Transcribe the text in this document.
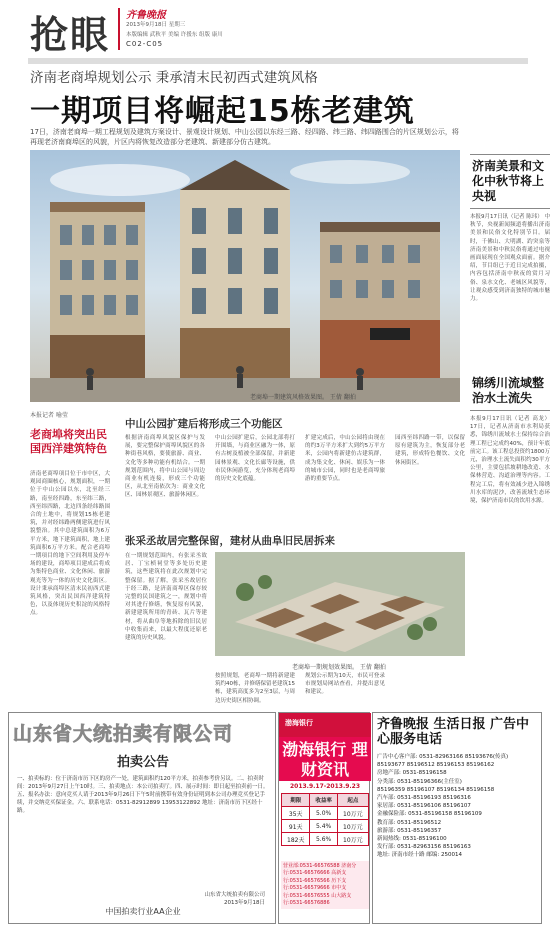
抢眼 齐鲁晚报
2013年9月18日 星期三
本版编辑 武秋平 美编 许援东 组版 康川
C02-C05
济南老商埠规划公示 秉承清末民初西式建筑风格
一期项目将崛起15栋老建筑
17日，济南老商埠一期工程规划及建筑方案设计、景观设计规划、中山公园以东经三路、经四路、纬三路、纬四路围合的片区规划公示，将再现老济南商埠区的风貌，片区内将恢复改造部分老建筑、新建部分仿古建筑。
老商埠一期建筑风格效果图。 王倩 翻拍
济南美景和文化中秋节将上央视
本报9月17日讯（记者 陈玮） 中秋节，央视新闻频道将播出济南美景和民俗文化特别节目。届时，千佛山、大明湖、趵突泉等济南美景和中秋民俗将通过电视画面展现在全国观众面前。据介绍，节目组已于近日完成拍摄，内容包括济南中秋夜的赏月习俗、泉水文化、老城区风貌等，让观众感受到济南独特的城市魅力。
锦绣川流域整治水土流失
本报9月17日讯（记者 高龙） 17日，记者从济南市水利局获悉，锦绣川流域水土保持综合治理工程已完成约40%，预计年底前完工。该工程总投资约1800万元，治理水土流失面积约30平方公里，主要包括坡耕地改造、水保林营造、沟道治理等内容。工程完工后，将有效减少进入锦绣川水库的泥沙，改善流域生态环境，保护济南市民的饮用水源。
本报记者 喻莹
老商埠将突出民国西洋建筑特色
济南老商埠项目位于市中区，大观园商圈核心，规划面积，一期位于中山公园以东，北至经三路，南至经四路，东至纬三路，西至纬四路，北边四条经纬路围合的土地中，将规划15栋老建筑，并对经纬路两侧建筑进行风貌整治。其中总建筑面积为6万平方米，地下建筑面积，地上建筑面积6万平方米。配合老商埠一期项目的地下空间利用及停车场的建设，商埠项目建成后将成为集特色商业、文化休闲、旅游观光等为一体的历史文化街区。设计秉承商埠区清末民初西式建筑风格，突出民国西洋建筑特色，以及体现历史积淀的风格特点。
中山公园扩建后将形成三个功能区
根据济南商埠风貌区保护与发展，要完整保护商埠风貌区的各种街巷风格，要使旅游、商业、文化等多种功能有机结合。一期规划范围内，将中山公园与周边商业有机连接，形成三个功能区，从北至南依次为：商业文化区、园林景观区、旅游休闲区。
中山公园扩建后，公园北部将打开围墙，与商业区融为一体，原有古树及植被全部保留，并新建园林景观、文化长廊等设施，供市民休闲游览，充分体现老商埠的历史文化底蕴。
扩建完成后，中山公园将由现在的约3万平方米扩大到约5万平方米，公园内将新建仿古建筑群，成为集文化、休闲、娱乐为一体的城市公园，同时也是老商埠旅游的重要节点。
园西至纬四路一带，以保留原有建筑为主，恢复部分老建筑，形成特色餐饮、文化休闲街区。
张采丞故居完整保留，建材从曲阜旧民居拆来
在一期规划范围内，有张采丞故居、丁宝桢祠堂等多处历史建筑，这些建筑将在此次规划中完整保留。据了解，张采丞故居位于经三路，是济南商埠区保存较完整的民国建筑之一，规划中将对其进行修缮，恢复原有风貌，新建建筑所用的青砖、瓦片等建材，将从曲阜等地拆除的旧民居中收集而来，以最大程度还原老建筑的历史风貌。
老商埠一期规划效果图。 王倩 翻拍
按照规划，老商埠一期将新建建筑约40栋，并修缮保留老建筑15栋，建筑高度多为2至3层，与周边历史街区相协调。
规划公示期为10天，市民可登录市规划局网站查看，并提出意见和建议。
山东省大统拍卖有限公司
拍卖公告
一、拍卖标的：位于济南市历下区的房产一处，建筑面积约120平方米，拍卖参考价另议。二、拍卖时间：2013年9月27日上午10时。三、拍卖地点：本公司拍卖厅。四、展示时间：即日起至拍卖前一日。五、报名办法：意向竞买人请于2013年9月26日下午5时前携带有效身份证明到本公司办理竞买登记手续，并交纳竞买保证金。六、联系电话：0531-82912899 13953122892 地址：济南市历下区经十路。
山东省大统拍卖有限公司
2013年9月18日
中国拍卖行业AA企业
渤海银行
渤海银行 理财资讯
2013.9.17-2013.9.23
期限	收益率	起点
35天	5.0%	10万元
91天	5.4%	10万元
182天	5.6%	10万元
营业部:0531-66576588 济南分行:0531-66576666 高新支行:0531-66576566 历下支行:0531-66579666 市中支行:0531-66576555 山大路支行:0531-66576886
齐鲁晚报 生活日报 广告中心服务电话
广告中心客户部: 0531-82963166 85193676(传真)
85193677 85196512 85196153 85196162
房地产部: 0531-85196158
分类部: 0531-85196366(主任室)
85196359 85196107 85196134 85196158
汽车部: 0531-85196193 85196316
家居部: 0531-85196106 85196107
金融保险部: 0531-85196158 85196109
教育部: 0531-85196512
旅游部: 0531-85196357
新闻热线: 0531-85196100
发行部: 0531-82963156 85196163
地址: 济南市经十路 邮编: 250014
